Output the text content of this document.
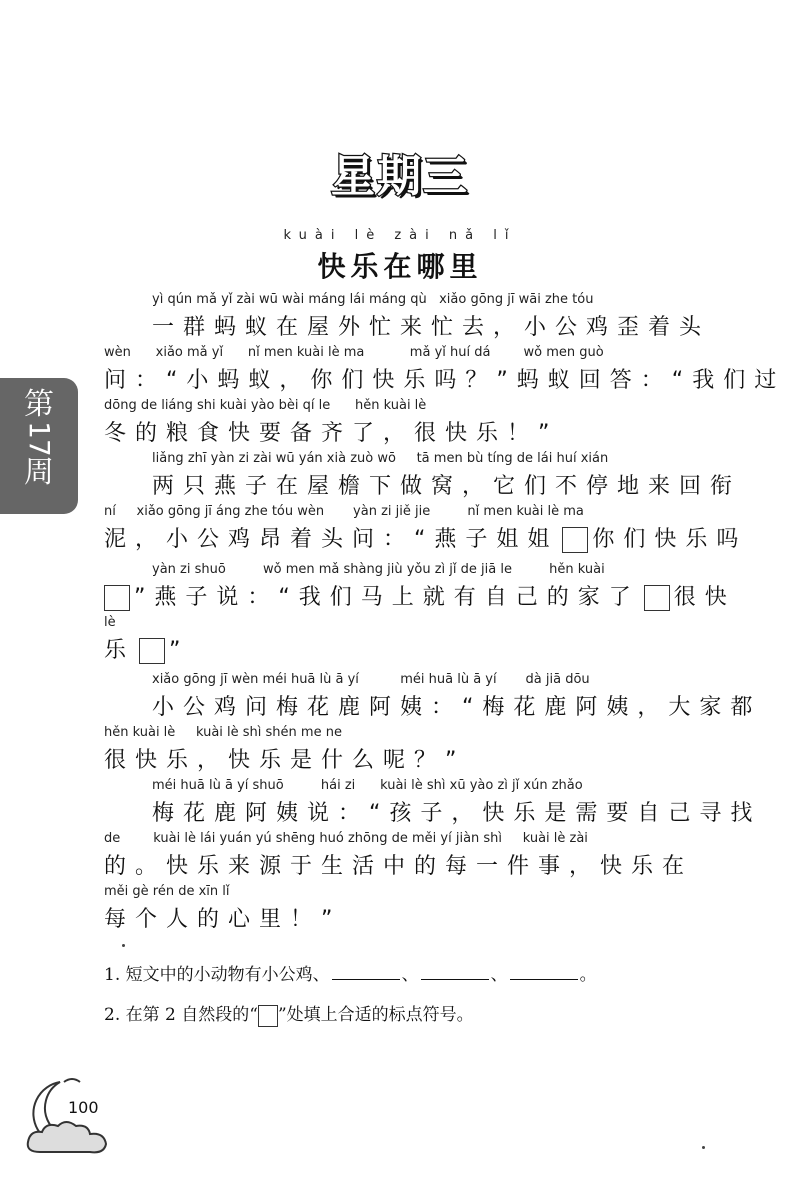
星期三
kuài lè zài nǎ lǐ
快乐在哪里
第
17
周
yì qún mǎ yǐ zài wū wài máng lái máng qù   xiǎo gōng jī wāi zhe tóu
一群蚂蚁在屋外忙来忙去，小公鸡歪着头
wèn      xiǎo mǎ yǐ      nǐ men kuài lè ma           mǎ yǐ huí dá        wǒ men guò
问：“小蚂蚁，你们快乐吗？”蚂蚁回答：“我们过
dōng de liáng shi kuài yào bèi qí le      hěn kuài lè
冬的粮食快要备齐了，很快乐！”
liǎng zhī yàn zi zài wū yán xià zuò wō     tā men bù tíng de lái huí xián
两只燕子在屋檐下做窝，它们不停地来回衔
ní     xiǎo gōng jī áng zhe tóu wèn       yàn zi jiě jie         nǐ men kuài lè ma
泥，小公鸡昂着头问：“燕子姐姐 你们快乐吗
yàn zi shuō         wǒ men mǎ shàng jiù yǒu zì jǐ de jiā le         hěn kuài
”燕子说：“我们马上就有自己的家了 很快
lè
乐 ”
xiǎo gōng jī wèn méi huā lù ā yí          méi huā lù ā yí       dà jiā dōu
小公鸡问梅花鹿阿姨：“梅花鹿阿姨，大家都
hěn kuài lè     kuài lè shì shén me ne
很快乐，快乐是什么呢？”
méi huā lù ā yí shuō         hái zi      kuài lè shì xū yào zì jǐ xún zhǎo
梅花鹿阿姨说：“孩子，快乐是需要自己寻找
de        kuài lè lái yuán yú shēng huó zhōng de měi yí jiàn shì     kuài lè zài
的。快乐来源于生活中的每一件事，快乐在
měi gè rén de xīn lǐ
每个人的心里！”
1. 短文中的小动物有小公鸡、	、	、	。
2. 在第 2 自然段的“ ”处填上合适的标点符号。
100
